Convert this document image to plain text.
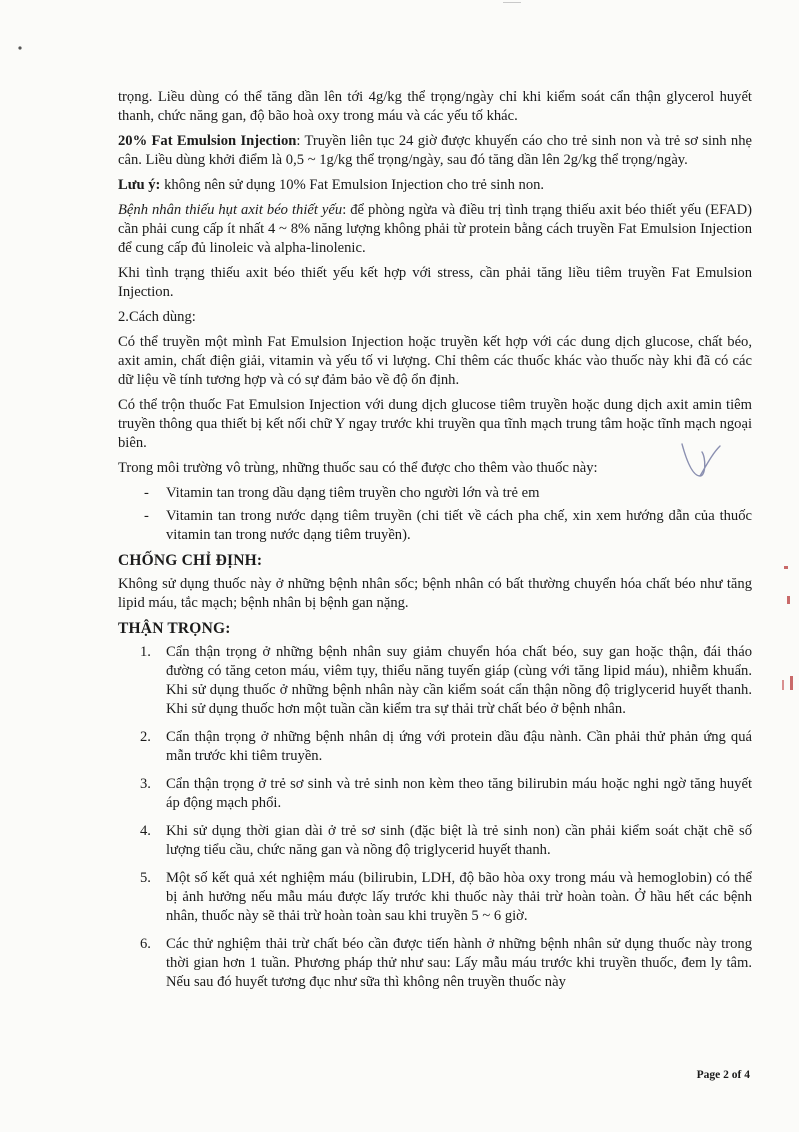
trọng. Liều dùng có thể tăng dần lên tới 4g/kg thể trọng/ngày chỉ khi kiểm soát cẩn thận glycerol huyết thanh, chức năng gan, độ bão hoà oxy trong máu và các yếu tố khác.

20% Fat Emulsion Injection: Truyền liên tục 24 giờ được khuyến cáo cho trẻ sinh non và trẻ sơ sinh nhẹ cân. Liều dùng khởi điểm là 0,5 ~ 1g/kg thể trọng/ngày, sau đó tăng dần lên 2g/kg thể trọng/ngày.

Lưu ý: không nên sử dụng 10% Fat Emulsion Injection cho trẻ sinh non.

Bệnh nhân thiếu hụt axit béo thiết yếu: để phòng ngừa và điều trị tình trạng thiếu axit béo thiết yếu (EFAD) cần phải cung cấp ít nhất 4 ~ 8% năng lượng không phải từ protein bằng cách truyền Fat Emulsion Injection để cung cấp đủ linoleic và alpha-linolenic.

Khi tình trạng thiếu axit béo thiết yếu kết hợp với stress, cần phải tăng liều tiêm truyền Fat Emulsion Injection.

2.Cách dùng:

Có thể truyền một mình Fat Emulsion Injection hoặc truyền kết hợp với các dung dịch glucose, chất béo, axit amin, chất điện giải, vitamin và yếu tố vi lượng. Chỉ thêm các thuốc khác vào thuốc này khi đã có các dữ liệu về tính tương hợp và có sự đảm bảo về độ ổn định.

Có thể trộn thuốc Fat Emulsion Injection với dung dịch glucose tiêm truyền hoặc dung dịch axit amin tiêm truyền thông qua thiết bị kết nối chữ Y ngay trước khi truyền qua tĩnh mạch trung tâm hoặc tĩnh mạch ngoại biên.

Trong môi trường vô trùng, những thuốc sau có thể được cho thêm vào thuốc này:

- Vitamin tan trong dầu dạng tiêm truyền cho người lớn và trẻ em
- Vitamin tan trong nước dạng tiêm truyền (chi tiết về cách pha chế, xin xem hướng dẫn của thuốc vitamin tan trong nước dạng tiêm truyền).
CHỐNG CHỈ ĐỊNH:

Không sử dụng thuốc này ở những bệnh nhân sốc; bệnh nhân có bất thường chuyển hóa chất béo như tăng lipid máu, tắc mạch; bệnh nhân bị bệnh gan nặng.

THẬN TRỌNG:
1. Cẩn thận trọng ở những bệnh nhân suy giảm chuyển hóa chất béo, suy gan hoặc thận, đái tháo đường có tăng ceton máu, viêm tụy, thiểu năng tuyến giáp (cùng với tăng lipid máu), nhiễm khuẩn. Khi sử dụng thuốc ở những bệnh nhân này cần kiểm soát cẩn thận nồng độ triglycerid huyết thanh. Khi sử dụng thuốc hơn một tuần cần kiểm tra sự thải trừ chất béo ở bệnh nhân.
2. Cẩn thận trọng ở những bệnh nhân dị ứng với protein dầu đậu nành. Cần phải thử phản ứng quá mẫn trước khi tiêm truyền.
3. Cẩn thận trọng ở trẻ sơ sinh và trẻ sinh non kèm theo tăng bilirubin máu hoặc nghi ngờ tăng huyết áp động mạch phổi.
4. Khi sử dụng thời gian dài ở trẻ sơ sinh (đặc biệt là trẻ sinh non) cần phải kiểm soát chặt chẽ số lượng tiểu cầu, chức năng gan và nồng độ triglycerid huyết thanh.
5. Một số kết quả xét nghiệm máu (bilirubin, LDH, độ bão hòa oxy trong máu và hemoglobin) có thể bị ảnh hưởng nếu mẫu máu được lấy trước khi thuốc này thải trừ hoàn toàn. Ở hầu hết các bệnh nhân, thuốc này sẽ thải trừ hoàn toàn sau khi truyền 5 ~ 6 giờ.
6. Các thử nghiệm thải trừ chất béo cần được tiến hành ở những bệnh nhân sử dụng thuốc này trong thời gian hơn 1 tuần. Phương pháp thử như sau: Lấy mẫu máu trước khi truyền thuốc, đem ly tâm. Nếu sau đó huyết tương đục như sữa thì không nên truyền thuốc này
Page 2 of 4
